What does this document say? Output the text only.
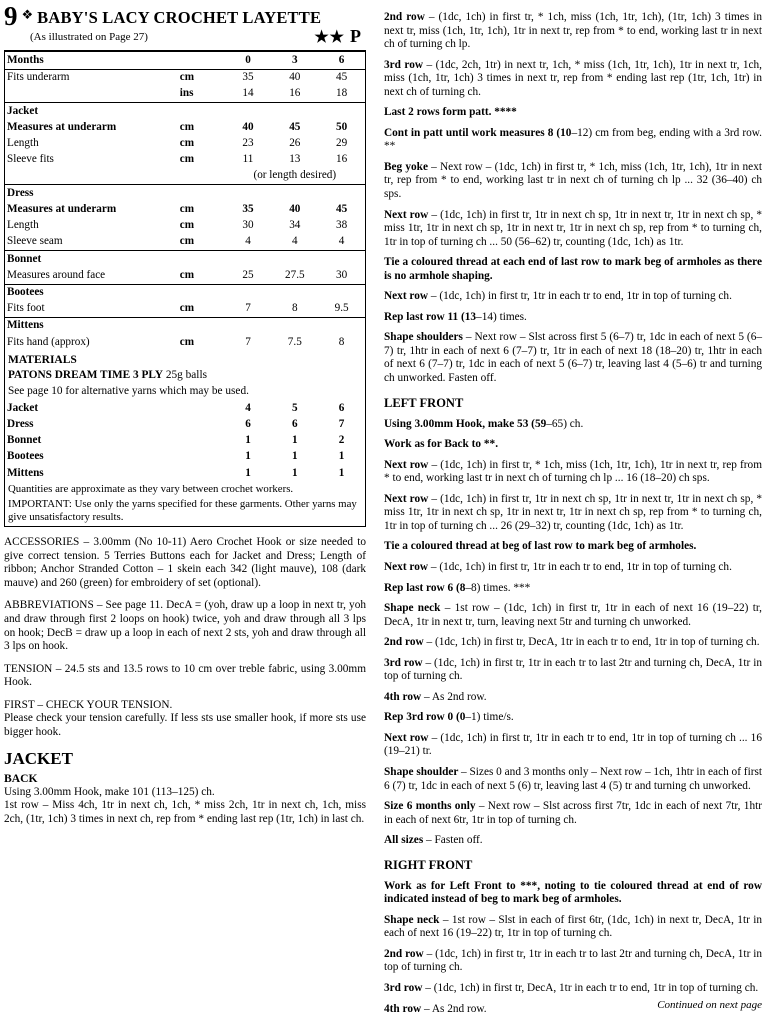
9 ❖ BABY'S LACY CROCHET LAYETTE
(As illustrated on Page 27)	★★ P
Months		0	3	6
Fits underarm	cm	35	40	45
	ins	14	16	18
Jacket				
Measures at underarm	cm	40	45	50
Length	cm	23	26	29
Sleeve fits	cm	11	13	16
		(or length desired)		
Dress				
Measures at underarm	cm	35	40	45
Length	cm	30	34	38
Sleeve seam	cm	4	4	4
Bonnet				
Measures around face	cm	25	27.5	30
Bootees				
Fits foot	cm	7	8	9.5
Mittens				
Fits hand (approx)	cm	7	7.5	8
MATERIALS
PATONS DREAM TIME 3 PLY 25g balls
See page 10 for alternative yarns which may be used.
Jacket		4	5	6
Dress		6	6	7
Bonnet		1	1	2
Bootees		1	1	1
Mittens		1	1	1
Quantities are approximate as they vary between crochet workers.
IMPORTANT: Use only the yarns specified for these garments. Other yarns may give unsatisfactory results.
ACCESSORIES – 3.00mm (No 10-11) Aero Crochet Hook or size needed to give correct tension. 5 Terries Buttons each for Jacket and Dress; Length of ribbon; Anchor Stranded Cotton – 1 skein each 342 (light mauve), 108 (dark mauve) and 260 (green) for embroidery of set (optional).
ABBREVIATIONS – See page 11. DecA = (yoh, draw up a loop in next tr, yoh and draw through first 2 loops on hook) twice, yoh and draw through all 3 lps on hook; DecB = draw up a loop in each of next 2 sts, yoh and draw through all 3 lps on hook.
TENSION – 24.5 sts and 13.5 rows to 10 cm over treble fabric, using 3.00mm Hook.
FIRST – CHECK YOUR TENSION.
Please check your tension carefully. If less sts use smaller hook, if more sts use bigger hook.
JACKET
BACK
Using 3.00mm Hook, make 101 (113–125) ch.
1st row – Miss 4ch, 1tr in next ch, 1ch, * miss 2ch, 1tr in next ch, 1ch, miss 2ch, (1tr, 1ch) 3 times in next ch, rep from * ending last rep (1tr, 1ch) in last ch.
2nd row – (1dc, 1ch) in first tr, * 1ch, miss (1ch, 1tr, 1ch), (1tr, 1ch) 3 times in next tr, miss (1ch, 1tr, 1ch), 1tr in next tr, rep from * to end, working last tr in next ch of turning ch lp.
3rd row – (1dc, 2ch, 1tr) in next tr, 1ch, * miss (1ch, 1tr, 1ch), 1tr in next tr, 1ch, miss (1ch, 1tr, 1ch) 3 times in next tr, rep from * ending last rep (1tr, 1ch, 1tr) in next ch of turning ch.
Last 2 rows form patt. ****
Cont in patt until work measures 8 (10–12) cm from beg, ending with a 3rd row. **
Beg yoke – Next row – (1dc, 1ch) in first tr, * 1ch, miss (1ch, 1tr, 1ch), 1tr in next tr, rep from * to end, working last tr in next ch of turning ch lp ... 32 (36–40) ch sps.
Next row – (1dc, 1ch) in first tr, 1tr in next ch sp, 1tr in next tr, 1tr in next ch sp, * miss 1tr, 1tr in next ch sp, 1tr in next tr, 1tr in next ch sp, rep from * to turning ch, 1tr in top of turning ch ... 50 (56–62) tr, counting (1dc, 1ch) as 1tr.
Tie a coloured thread at each end of last row to mark beg of armholes as there is no armhole shaping.
Next row – (1dc, 1ch) in first tr, 1tr in each tr to end, 1tr in top of turning ch.
Rep last row 11 (13–14) times.
Shape shoulders – Next row – Slst across first 5 (6–7) tr, 1dc in each of next 5 (6–7) tr, 1htr in each of next 6 (7–7) tr, 1tr in each of next 18 (18–20) tr, 1htr in each of next 6 (7–7) tr, 1dc in each of next 5 (6–7) tr, leaving last 4 (5–6) tr and turning ch unworked. Fasten off.
LEFT FRONT
Using 3.00mm Hook, make 53 (59–65) ch.
Work as for Back to **.
Next row – (1dc, 1ch) in first tr, * 1ch, miss (1ch, 1tr, 1ch), 1tr in next tr, rep from * to end, working last tr in next ch of turning ch lp ... 16 (18–20) ch sps.
Next row – (1dc, 1ch) in first tr, 1tr in next ch sp, 1tr in next tr, 1tr in next ch sp, * miss 1tr, 1tr in next ch sp, 1tr in next tr, 1tr in next ch sp, rep from * to turning ch, 1tr in top of turning ch ... 26 (29–32) tr, counting (1dc, 1ch) as 1tr.
Tie a coloured thread at beg of last row to mark beg of armholes.
Next row – (1dc, 1ch) in first tr, 1tr in each tr to end, 1tr in top of turning ch.
Rep last row 6 (8–8) times. ***
Shape neck – 1st row – (1dc, 1ch) in first tr, 1tr in each of next 16 (19–22) tr, DecA, 1tr in next tr, turn, leaving next 5tr and turning ch unworked.
2nd row – (1dc, 1ch) in first tr, DecA, 1tr in each tr to end, 1tr in top of turning ch.
3rd row – (1dc, 1ch) in first tr, 1tr in each tr to last 2tr and turning ch, DecA, 1tr in top of turning ch.
4th row – As 2nd row.
Rep 3rd row 0 (0–1) time/s.
Next row – (1dc, 1ch) in first tr, 1tr in each tr to end, 1tr in top of turning ch ... 16 (19–21) tr.
Shape shoulder – Sizes 0 and 3 months only – Next row – 1ch, 1htr in each of first 6 (7) tr, 1dc in each of next 5 (6) tr, leaving last 4 (5) tr and turning ch unworked.
Size 6 months only – Next row – Slst across first 7tr, 1dc in each of next 7tr, 1htr in each of next 6tr, 1tr in top of turning ch.
All sizes – Fasten off.
RIGHT FRONT
Work as for Left Front to ***, noting to tie coloured thread at end of row indicated instead of beg to mark beg of armholes.
Shape neck – 1st row – Slst in each of first 6tr, (1dc, 1ch) in next tr, DecA, 1tr in each of next 16 (19–22) tr, 1tr in top of turning ch.
2nd row – (1dc, 1ch) in first tr, 1tr in each tr to last 2tr and turning ch, DecA, 1tr in top of turning ch.
3rd row – (1dc, 1ch) in first tr, DecA, 1tr in each tr to end, 1tr in top of turning ch.
4th row – As 2nd row.	Continued on next page
